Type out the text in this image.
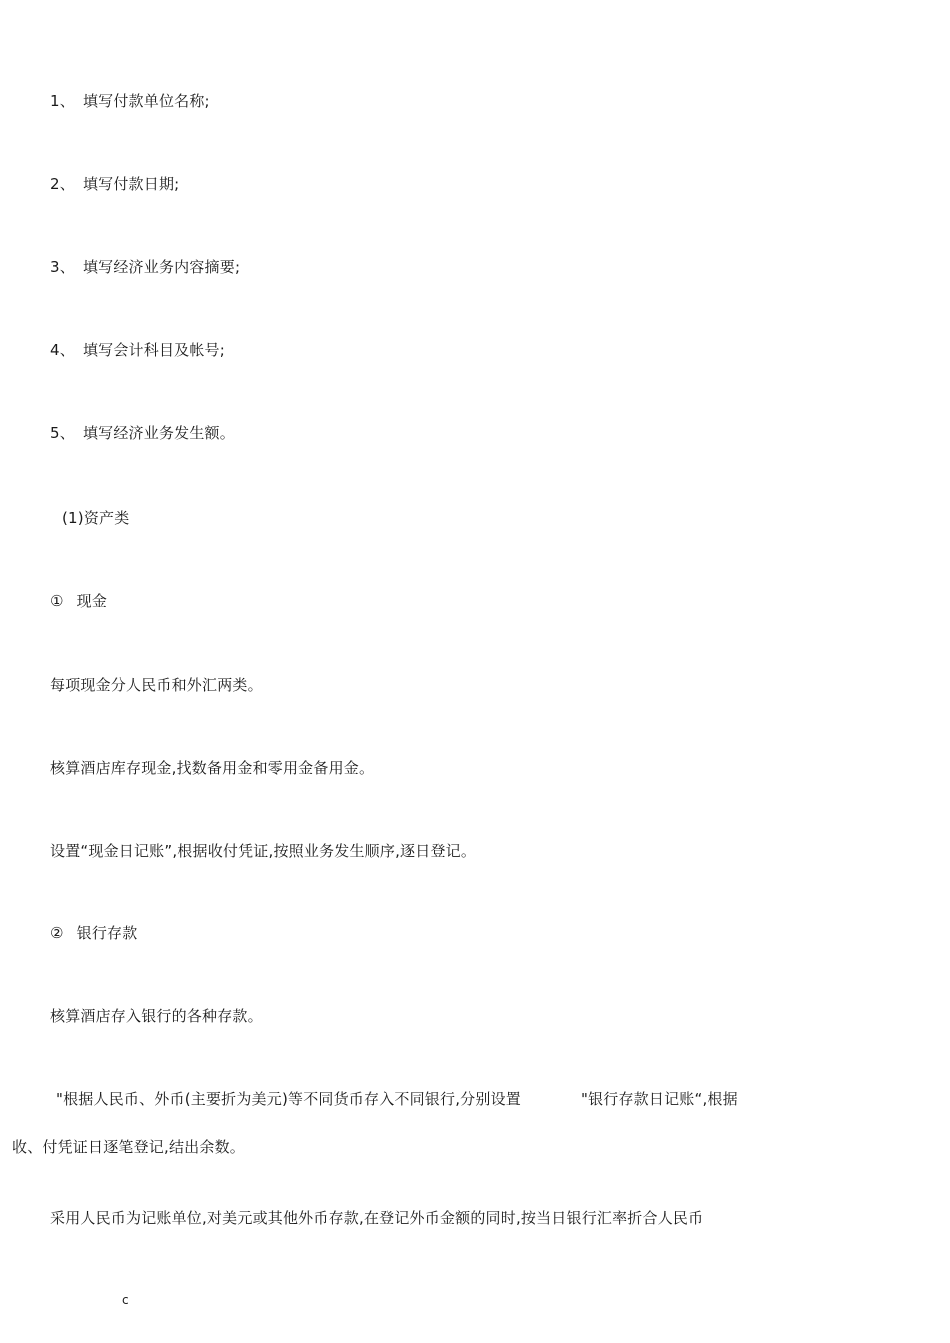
1、 填写付款单位名称;
2、 填写付款日期;
3、 填写经济业务内容摘要;
4、 填写会计科目及帐号;
5、 填写经济业务发生额。
(1)资产类
① 现金
每项现金分人民币和外汇两类。
核算酒店库存现金,找数备用金和零用金备用金。
设置“现金日记账”,根据收付凭证,按照业务发生顺序,逐日登记。
② 银行存款
核算酒店存入银行的各种存款。
"根据人民币、外币(主要折为美元)等不同货币存入不同银行,分别设置	"银行存款日记账“,根据
收、付凭证日逐笔登记,结出余数。
采用人民币为记账单位,对美元或其他外币存款,在登记外币金额的同时,按当日银行汇率折合人民币
c
